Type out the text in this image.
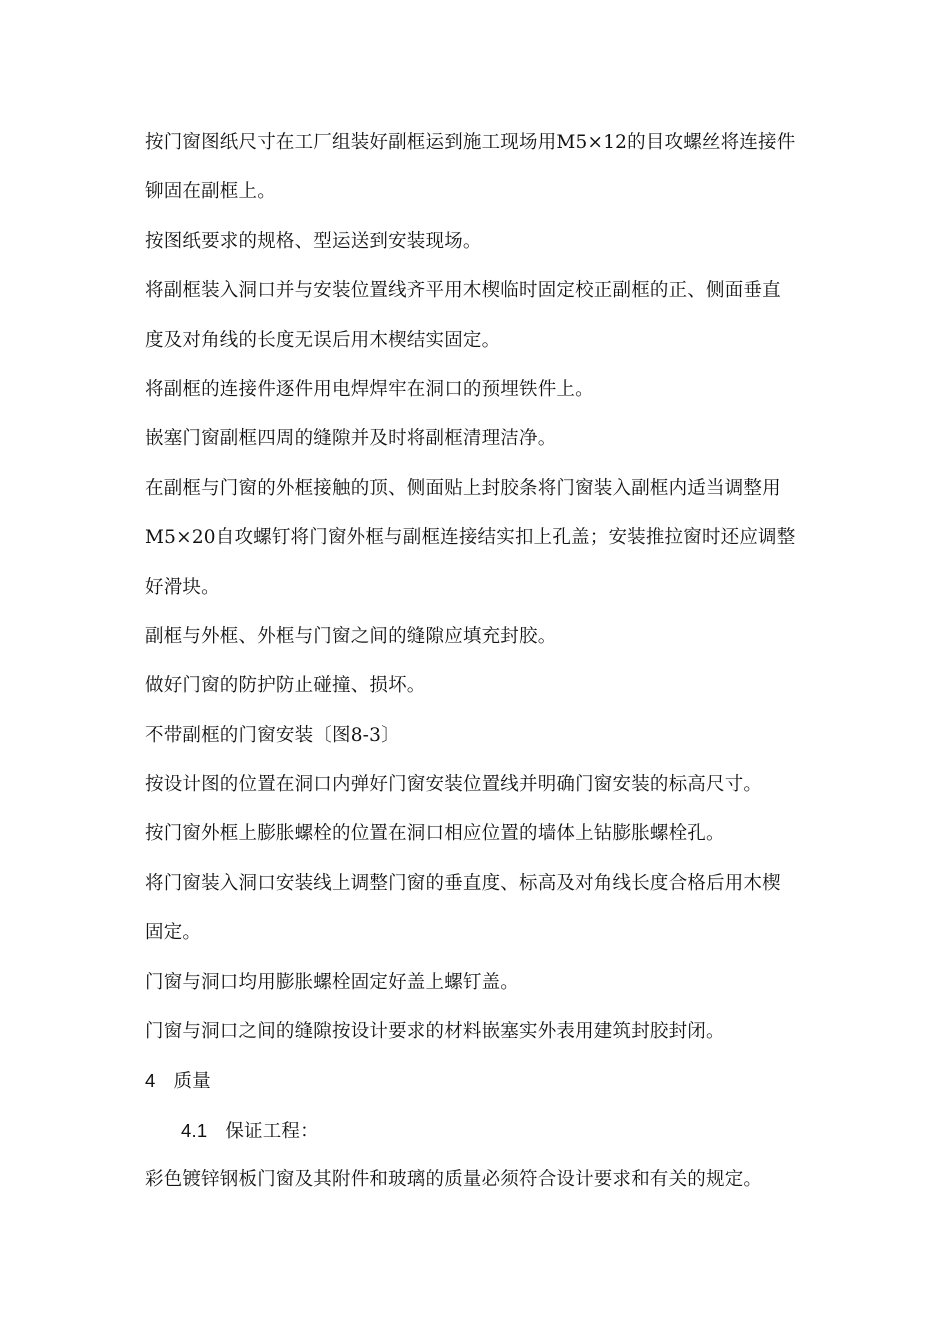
按门窗图纸尺寸在工厂组装好副框运到施工现场用M5×12的目攻螺丝将连接件
铆固在副框上。
按图纸要求的规格、型运送到安装现场。
将副框装入洞口并与安装位置线齐平用木楔临时固定校正副框的正、侧面垂直
度及对角线的长度无误后用木楔结实固定。
将副框的连接件逐件用电焊焊牢在洞口的预埋铁件上。
嵌塞门窗副框四周的缝隙并及时将副框清理洁净。
在副框与门窗的外框接触的顶、侧面贴上封胶条将门窗装入副框内适当调整用
M5×20自攻螺钉将门窗外框与副框连接结实扣上孔盖；安装推拉窗时还应调整
好滑块。
副框与外框、外框与门窗之间的缝隙应填充封胶。
做好门窗的防护防止碰撞、损坏。
不带副框的门窗安装〔图8-3〕
按设计图的位置在洞口内弹好门窗安装位置线并明确门窗安装的标高尺寸。
按门窗外框上膨胀螺栓的位置在洞口相应位置的墙体上钻膨胀螺栓孔。
将门窗装入洞口安装线上调整门窗的垂直度、标高及对角线长度合格后用木楔
固定。
门窗与洞口均用膨胀螺栓固定好盖上螺钉盖。
门窗与洞口之间的缝隙按设计要求的材料嵌塞实外表用建筑封胶封闭。
4 质量
4.1 保证工程：
彩色镀锌钢板门窗及其附件和玻璃的质量必须符合设计要求和有关的规定。
